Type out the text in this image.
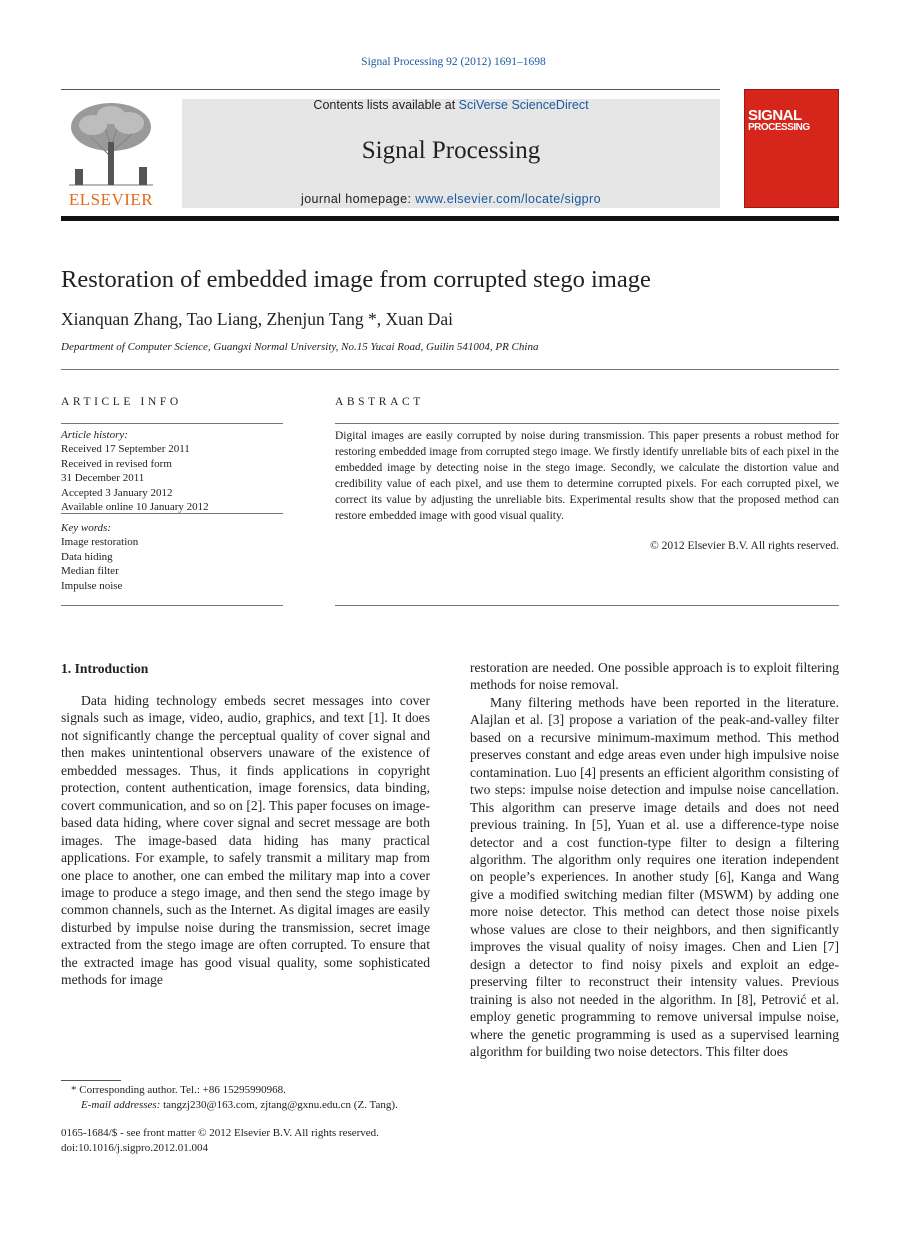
Signal Processing 92 (2012) 1691–1698
ELSEVIER
Contents lists available at SciVerse ScienceDirect
Signal Processing
journal homepage: www.elsevier.com/locate/sigpro
SIGNAL
PROCESSING
Restoration of embedded image from corrupted stego image
Xianquan Zhang, Tao Liang, Zhenjun Tang *, Xuan Dai
Department of Computer Science, Guangxi Normal University, No.15 Yucai Road, Guilin 541004, PR China
ARTICLE INFO
Article history:
Received 17 September 2011
Received in revised form
31 December 2011
Accepted 3 January 2012
Available online 10 January 2012
Key words:
Image restoration
Data hiding
Median filter
Impulse noise
ABSTRACT
Digital images are easily corrupted by noise during transmission. This paper presents a robust method for restoring embedded image from corrupted stego image. We firstly identify unreliable bits of each pixel in the embedded image by detecting noise in the stego image. Secondly, we calculate the distortion value and credibility value of each pixel, and use them to determine corrupted pixels. For each corrupted pixel, we correct its value by adjusting the unreliable bits. Experimental results show that the proposed method can restore embedded image with good visual quality.
© 2012 Elsevier B.V. All rights reserved.
1. Introduction

Data hiding technology embeds secret messages into cover signals such as image, video, audio, graphics, and text [1]. It does not significantly change the perceptual quality of cover signal and then makes unintentional observers unaware of the existence of embedded messages. Thus, it finds applications in copyright protection, content authentication, image forensics, data binding, covert communication, and so on [2]. This paper focuses on image-based data hiding, where cover signal and secret message are both images. The image-based data hiding has many practical applications. For example, to safely transmit a military map from one place to another, one can embed the military map into a cover image to produce a stego image, and then send the stego image by common channels, such as the Internet. As digital images are easily disturbed by impulse noise during the transmission, secret image extracted from the stego image are often corrupted. To ensure that the extracted image has good visual quality, some sophisticated methods for image

restoration are needed. One possible approach is to exploit filtering methods for noise removal.

Many filtering methods have been reported in the literature. Alajlan et al. [3] propose a variation of the peak-and-valley filter based on a recursive minimum-maximum method. This method preserves constant and edge areas even under high impulsive noise contamination. Luo [4] presents an efficient algorithm consisting of two steps: impulse noise detection and impulse noise cancellation. This algorithm can preserve image details and does not need previous training. In [5], Yuan et al. use a difference-type noise detector and a cost function-type filter to design a filtering algorithm. The algorithm only requires one iteration independent on people’s experiences. In another study [6], Kanga and Wang give a modified switching median filter (MSWM) by adding one more noise detector. This method can detect those noise pixels whose values are close to their neighbors, and then significantly improves the visual quality of noisy images. Chen and Lien [7] design a detector to find noisy pixels and exploit an edge-preserving filter to reconstruct their intensity values. Previous training is also not needed in the algorithm. In [8], Petrović et al. employ genetic programming to remove universal impulse noise, where the genetic programming is used as a supervised learning algorithm for building two noise detectors. This filter does

* Corresponding author. Tel.: +86 15295990968.
E-mail addresses: tangzj230@163.com, zjtang@gxnu.edu.cn (Z. Tang).
0165-1684/$ - see front matter © 2012 Elsevier B.V. All rights reserved.
doi:10.1016/j.sigpro.2012.01.004
